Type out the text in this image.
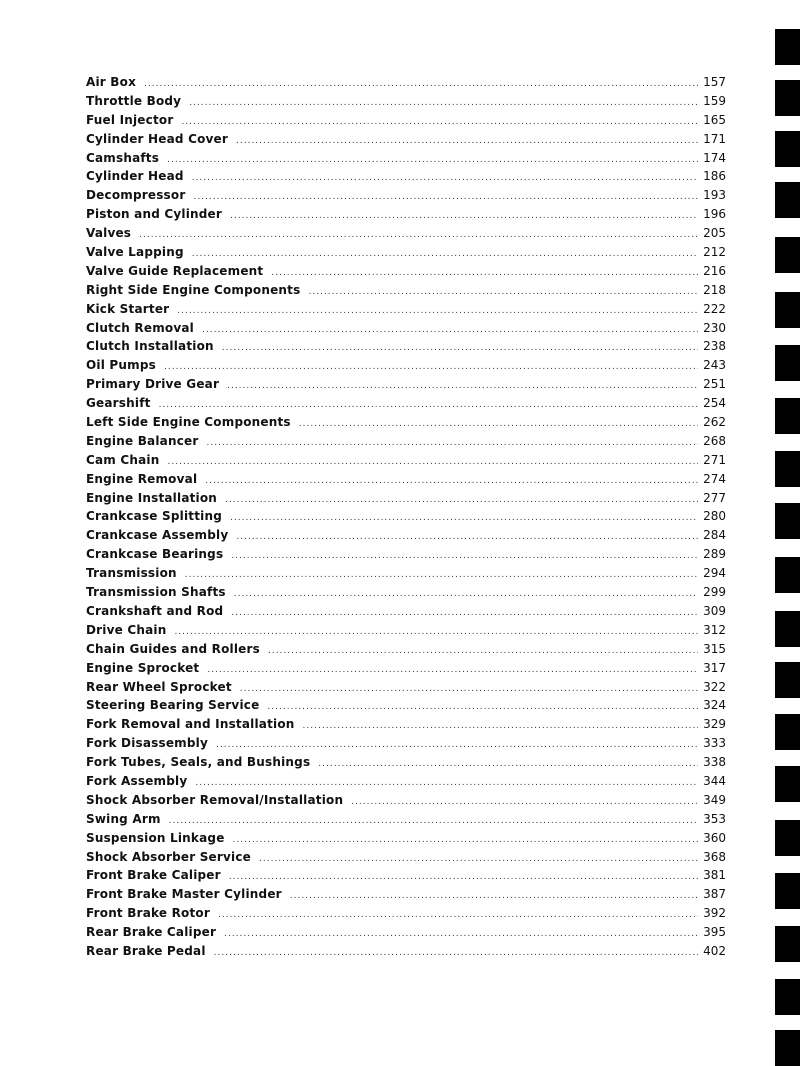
Air Box .....	157
Throttle Body .....	159
Fuel Injector .....	165
Cylinder Head Cover .....	171
Camshafts .....	174
Cylinder Head .....	186
Decompressor .....	193
Piston and Cylinder .....	196
Valves .....	205
Valve Lapping .....	212
Valve Guide Replacement .....	216
Right Side Engine Components .....	218
Kick Starter .....	222
Clutch Removal .....	230
Clutch Installation .....	238
Oil Pumps .....	243
Primary Drive Gear .....	251
Gearshift .....	254
Left Side Engine Components .....	262
Engine Balancer .....	268
Cam Chain .....	271
Engine Removal .....	274
Engine Installation .....	277
Crankcase Splitting .....	280
Crankcase Assembly .....	284
Crankcase Bearings .....	289
Transmission .....	294
Transmission Shafts .....	299
Crankshaft and Rod .....	309
Drive Chain .....	312
Chain Guides and Rollers .....	315
Engine Sprocket .....	317
Rear Wheel Sprocket .....	322
Steering Bearing Service .....	324
Fork Removal and Installation .....	329
Fork Disassembly .....	333
Fork Tubes, Seals, and Bushings .....	338
Fork Assembly .....	344
Shock Absorber Removal/Installation .....	349
Swing Arm .....	353
Suspension Linkage .....	360
Shock Absorber Service .....	368
Front Brake Caliper .....	381
Front Brake Master Cylinder .....	387
Front Brake Rotor .....	392
Rear Brake Caliper .....	395
Rear Brake Pedal .....	402
